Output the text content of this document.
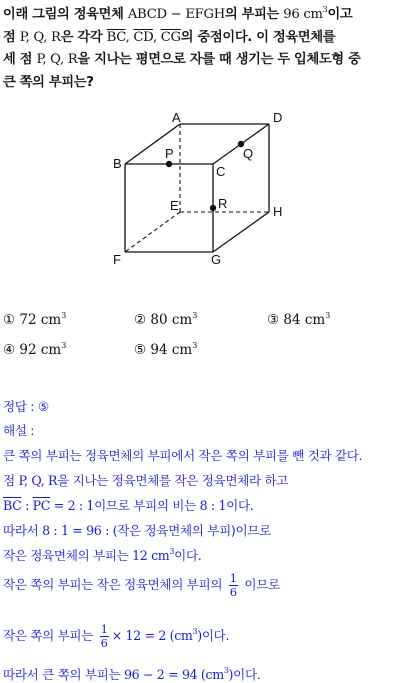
이래 그림의 정육면체 ABCD − EFGH의 부피는 96 $cm^3$이고
점 P, Q, R은 각각 $\overline{BC}$, $\overline{CD}$, $\overline{CG}$의 중점이다. 이 정육면체를
세 점 P, Q, R을 지나는 평면으로 자를 때 생기는 두 입체도형 중
큰 쪽의 부피는?
A	D
B
C
P	Q
E	R
H
F	G
① 72 $cm^3$	② 80 $cm^3$	③ 84 $cm^3$
④ 92 $cm^3$	⑤ 94 $cm^3$
정답 : ⑤
해설 :
큰 쪽의 부피는 정육면체의 부피에서 작은 쪽의 부피를 뺀 것과 같다.
점 P, Q, R을 지나는 정육면체를 작은 정육면체라 하고
$\overline{BC}$ : $\overline{PC} = 2$ : 1이므로 부피의 비는 8 : 1이다.
따라서 8 : 1 = 96 : (작은 정육면체의 부피)이므로
작은 정육면체의 부피는 12 $cm^3$이다.
작은 쪽의 부피는 작은 정육면체의 부피의 $\frac{1}{6}$ 이므로
작은 쪽의 부피는 $\frac{1}{6} \times 12 = 2$ $(cm^3)$이다.
따라서 큰 쪽의 부피는 96 − 2 = 94 $(cm^3)$이다.
